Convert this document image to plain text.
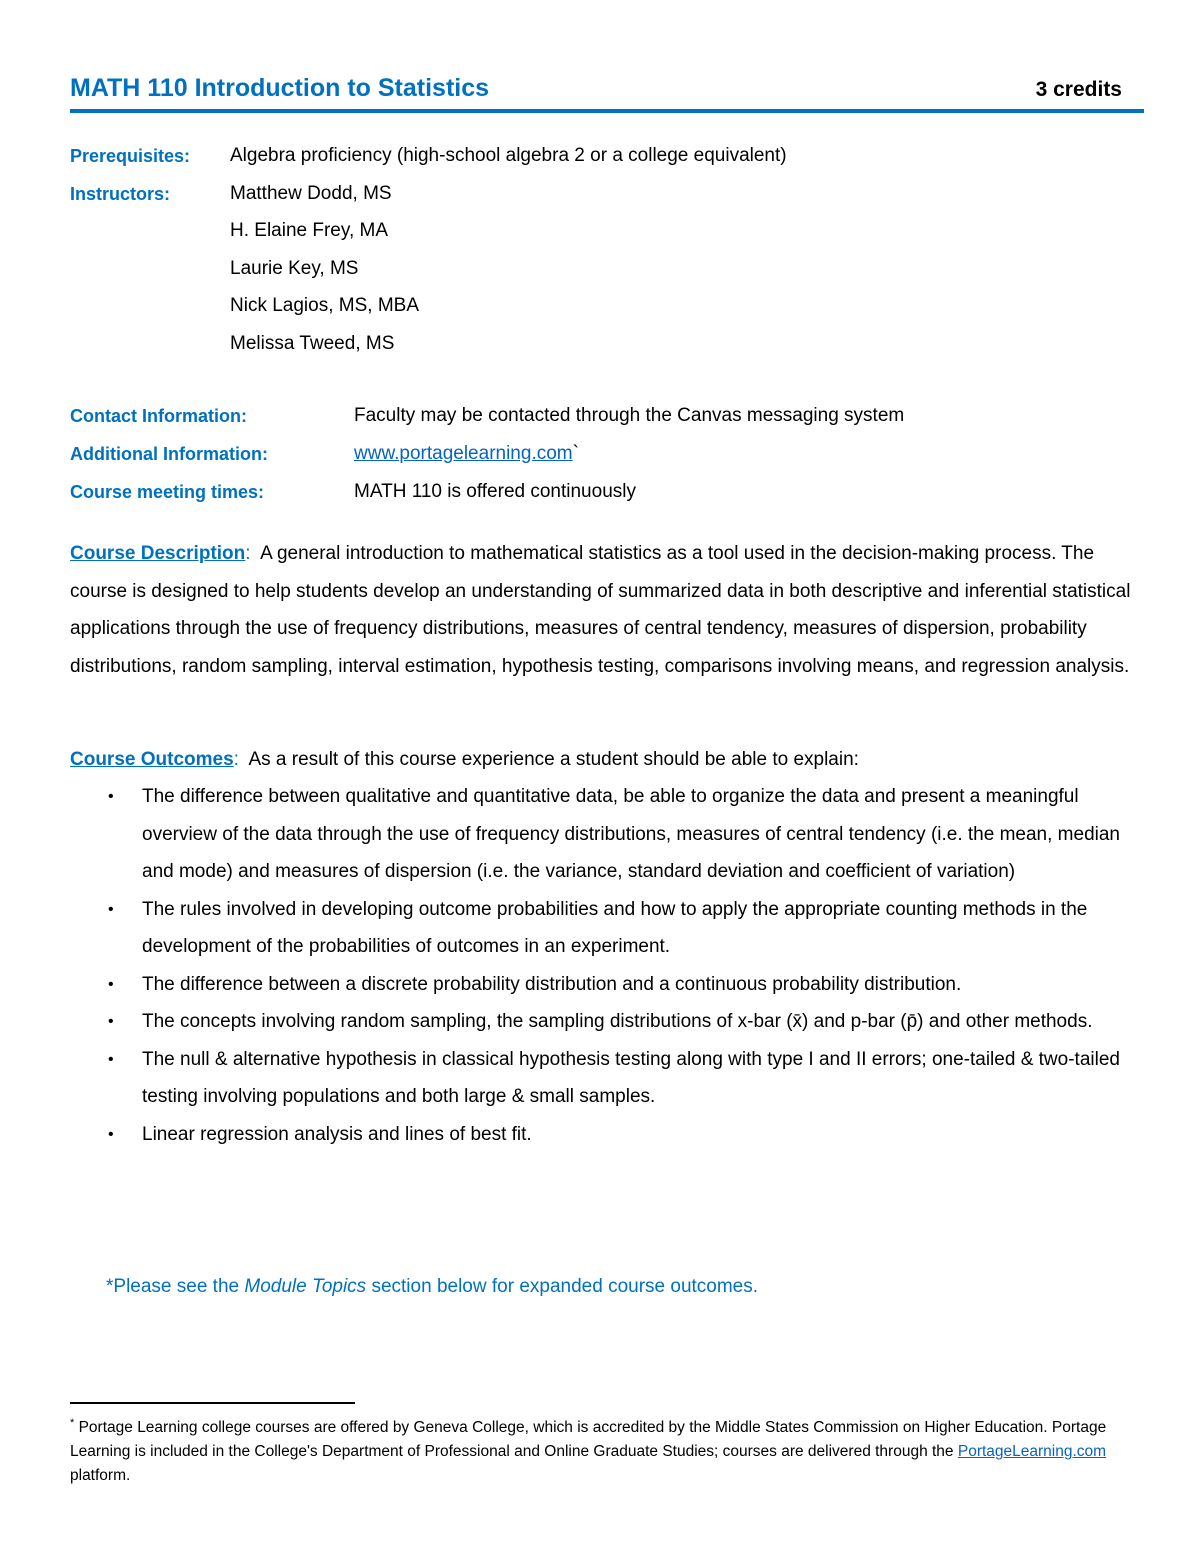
MATH 110 Introduction to Statistics	3 credits
Prerequisites: Algebra proficiency (high-school algebra 2 or a college equivalent)
Instructors:	Matthew Dodd, MS
H. Elaine Frey, MA
Laurie Key, MS
Nick Lagios, MS, MBA
Melissa Tweed, MS
Contact Information:	Faculty may be contacted through the Canvas messaging system
Additional Information:	www.portagelearning.com`
Course meeting times:	MATH 110 is offered continuously
Course Description: A general introduction to mathematical statistics as a tool used in the decision-making process. The course is designed to help students develop an understanding of summarized data in both descriptive and inferential statistical applications through the use of frequency distributions, measures of central tendency, measures of dispersion, probability distributions, random sampling, interval estimation, hypothesis testing, comparisons involving means, and regression analysis.
Course Outcomes: As a result of this course experience a student should be able to explain:
• The difference between qualitative and quantitative data, be able to organize the data and present a meaningful overview of the data through the use of frequency distributions, measures of central tendency (i.e. the mean, median and mode) and measures of dispersion (i.e. the variance, standard deviation and coefficient of variation)
• The rules involved in developing outcome probabilities and how to apply the appropriate counting methods in the development of the probabilities of outcomes in an experiment.
• The difference between a discrete probability distribution and a continuous probability distribution.
• The concepts involving random sampling, the sampling distributions of x-bar (x̄) and p-bar (p̄) and other methods.
• The null & alternative hypothesis in classical hypothesis testing along with type I and II errors; one-tailed & two-tailed testing involving populations and both large & small samples.
• Linear regression analysis and lines of best fit.
*Please see the Module Topics section below for expanded course outcomes.
* Portage Learning college courses are offered by Geneva College, which is accredited by the Middle States Commission on Higher Education. Portage Learning is included in the College's Department of Professional and Online Graduate Studies; courses are delivered through the PortageLearning.com platform.
